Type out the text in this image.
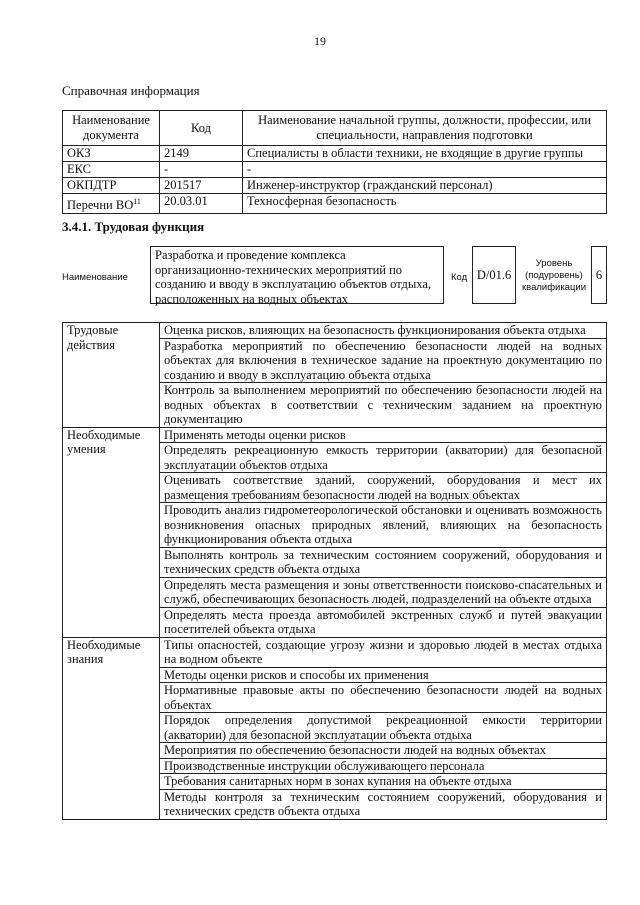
19
Справочная информация
Наименование документа	Код	Наименование начальной группы, должности, профессии, или специальности, направления подготовки
ОКЗ	2149	Специалисты в области техники, не входящие в другие группы
ЕКС	-	-
ОКПДТР	201517	Инженер-инструктор (гражданский персонал)
Перечни ВО$^{11}$	20.03.01	Техносферная безопасность
3.4.1. Трудовая функция
Наименование
Разработка и проведение комплекса организационно-технических мероприятий по созданию и вводу в эксплуатацию объектов отдыха, расположенных на водных объектах
Код D/01.6
Уровень (подуровень) квалификации
6
Трудовые действия	Оценка рисков, влияющих на безопасность функционирования объекта отдыха
	Разработка мероприятий по обеспечению безопасности людей на водных объектах для включения в техническое задание на проектную документацию по созданию и вводу в эксплуатацию объекта отдыха
	Контроль за выполнением мероприятий по обеспечению безопасности людей на водных объектах в соответствии с техническим заданием на проектную документацию
Необходимые умения	Применять методы оценки рисков
	Определять рекреационную емкость территории (акватории) для безопасной эксплуатации объектов отдыха
	Оценивать соответствие зданий, сооружений, оборудования и мест их размещения требованиям безопасности людей на водных объектах
	Проводить анализ гидрометеорологической обстановки и оценивать возможность возникновения опасных природных явлений, влияющих на безопасность функционирования объекта отдыха
	Выполнять контроль за техническим состоянием сооружений, оборудования и технических средств объекта отдыха
	Определять места размещения и зоны ответственности поисково-спасательных и служб, обеспечивающих безопасность людей, подразделений на объекте отдыха
	Определять места проезда автомобилей экстренных служб и путей эвакуации посетителей объекта отдыха
Необходимые знания	Типы опасностей, создающие угрозу жизни и здоровью людей в местах отдыха на водном объекте
	Методы оценки рисков и способы их применения
	Нормативные правовые акты по обеспечению безопасности людей на водных объектах
	Порядок определения допустимой рекреационной емкости территории (акватории) для безопасной эксплуатации объекта отдыха
	Мероприятия по обеспечению безопасности людей на водных объектах
	Производственные инструкции обслуживающего персонала
	Требования санитарных норм в зонах купания на объекте отдыха
	Методы контроля за техническим состоянием сооружений, оборудования и технических средств объекта отдыха
